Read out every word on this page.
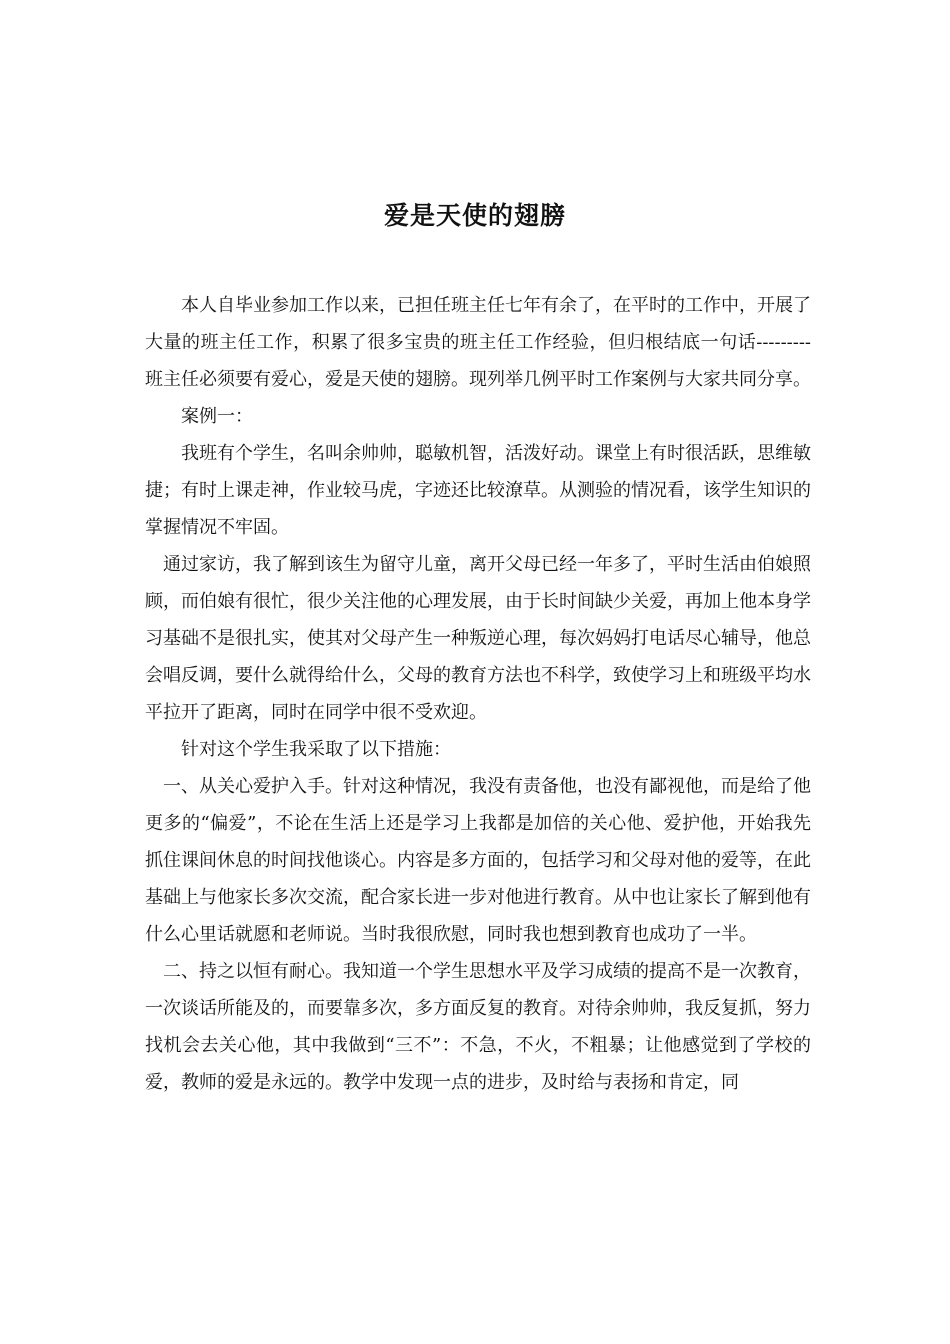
爱是天使的翅膀

本人自毕业参加工作以来，已担任班主任七年有余了，在平时的工作中，开展了大量的班主任工作，积累了很多宝贵的班主任工作经验，但归根结底一句话---------班主任必须要有爱心，爱是天使的翅膀。现列举几例平时工作案例与大家共同分享。

案例一：

我班有个学生，名叫余帅帅，聪敏机智，活泼好动。课堂上有时很活跃，思维敏捷；有时上课走神，作业较马虎，字迹还比较潦草。从测验的情况看，该学生知识的掌握情况不牢固。

通过家访，我了解到该生为留守儿童，离开父母已经一年多了，平时生活由伯娘照顾，而伯娘有很忙，很少关注他的心理发展，由于长时间缺少关爱，再加上他本身学习基础不是很扎实，使其对父母产生一种叛逆心理，每次妈妈打电话尽心辅导，他总会唱反调，要什么就得给什么，父母的教育方法也不科学，致使学习上和班级平均水平拉开了距离，同时在同学中很不受欢迎。

针对这个学生我采取了以下措施：

一、从关心爱护入手。针对这种情况，我没有责备他，也没有鄙视他，而是给了他更多的“偏爱”，不论在生活上还是学习上我都是加倍的关心他、爱护他，开始我先抓住课间休息的时间找他谈心。内容是多方面的，包括学习和父母对他的爱等，在此基础上与他家长多次交流，配合家长进一步对他进行教育。从中也让家长了解到他有什么心里话就愿和老师说。当时我很欣慰，同时我也想到教育也成功了一半。

二、持之以恒有耐心。我知道一个学生思想水平及学习成绩的提高不是一次教育，一次谈话所能及的，而要靠多次，多方面反复的教育。对待余帅帅，我反复抓，努力找机会去关心他，其中我做到“三不”：不急，不火，不粗暴；让他感觉到了学校的爱，教师的爱是永远的。教学中发现一点的进步，及时给与表扬和肯定，同
